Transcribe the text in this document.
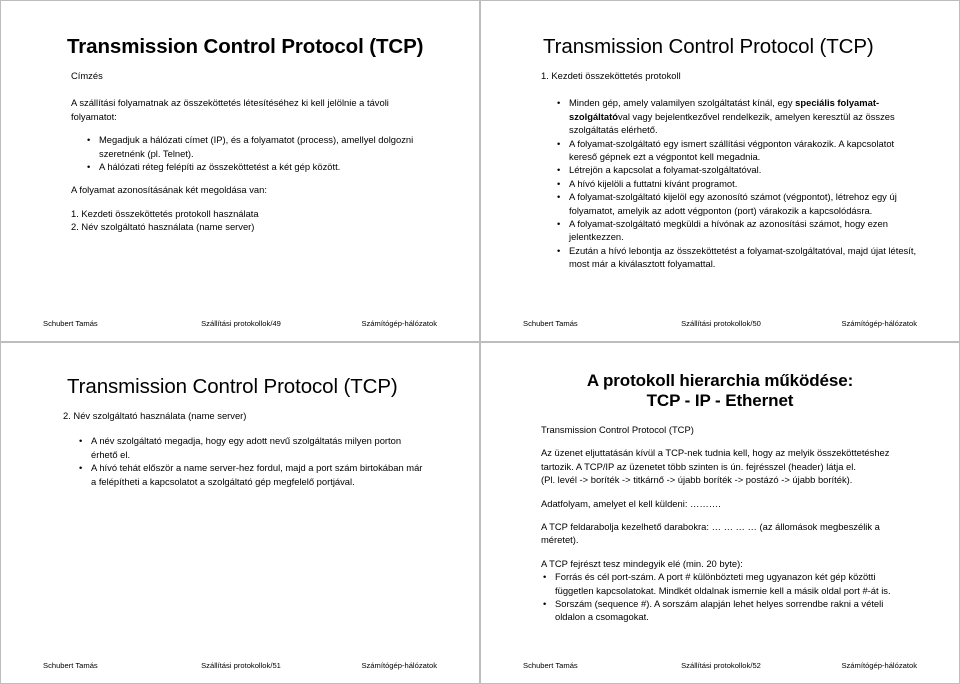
Transmission Control Protocol (TCP)

Címzés

A szállítási folyamatnak az összeköttetés létesítéséhez ki kell jelölnie a távoli folyamatot:

• Megadjuk a hálózati címet (IP), és a folyamatot (process), amellyel dolgozni szeretnénk (pl. Telnet).
• A hálózati réteg felépíti az összeköttetést a két gép között.

A folyamat azonosításának két megoldása van:

1. Kezdeti összeköttetés protokoll használata
2. Név szolgáltató használata (name server)
Schubert Tamás	Szállítási protokollok/49	Számítógép-hálózatok
Transmission Control Protocol (TCP)

1. Kezdeti összeköttetés protokoll

• Minden gép, amely valamilyen szolgáltatást kínál, egy speciális folyamat-szolgáltatóval vagy bejelentkezővel rendelkezik, amelyen keresztül az összes szolgáltatás elérhető.
• A folyamat-szolgáltató egy ismert szállítási végponton várakozik. A kapcsolatot kereső gépnek ezt a végpontot kell megadnia.
• Létrejön a kapcsolat a folyamat-szolgáltatóval.
• A hívó kijelöli a futtatni kívánt programot.
• A folyamat-szolgáltató kijelöl egy azonosító számot (végpontot), létrehoz egy új folyamatot, amelyik az adott végponton (port) várakozik a kapcsolódásra.
• A folyamat-szolgáltató megküldi a hívónak az azonosítási számot, hogy ezen jelentkezzen.
• Ezután a hívó lebontja az összeköttetést a folyamat-szolgáltatóval, majd újat létesít, most már a kiválasztott folyamattal.
Schubert Tamás	Szállítási protokollok/50	Számítógép-hálózatok
Transmission Control Protocol (TCP)

2. Név szolgáltató használata (name server)

• A név szolgáltató megadja, hogy egy adott nevű szolgáltatás milyen porton érhető el.
• A hívó tehát először a name server-hez fordul, majd a port szám birtokában már a felépítheti a kapcsolatot a szolgáltató gép megfelelő portjával.
Schubert Tamás	Szállítási protokollok/51	Számítógép-hálózatok
A protokoll hierarchia működése:
TCP - IP - Ethernet

Transmission Control Protocol (TCP)

Az üzenet eljuttatásán kívül a TCP-nek tudnia kell, hogy az melyik összeköttetéshez tartozik. A TCP/IP az üzenetet több szinten is ún. fejrésszel (header) látja el.

(Pl. levél -> boríték -> titkárnő -> újabb boríték -> postázó -> újabb boríték).

Adatfolyam, amelyet el kell küldeni: ……….

A TCP feldarabolja kezelhető darabokra: … … … … (az állomások megbeszélik a méretet).

A TCP fejrészt tesz mindegyik elé (min. 20 byte):

• Forrás és cél port-szám. A port # különbözteti meg ugyanazon két gép közötti független kapcsolatokat. Mindkét oldalnak ismernie kell a másik oldal port #-át is.
• Sorszám (sequence #). A sorszám alapján lehet helyes sorrendbe rakni a vételi oldalon a csomagokat.
Schubert Tamás	Szállítási protokollok/52	Számítógép-hálózatok
